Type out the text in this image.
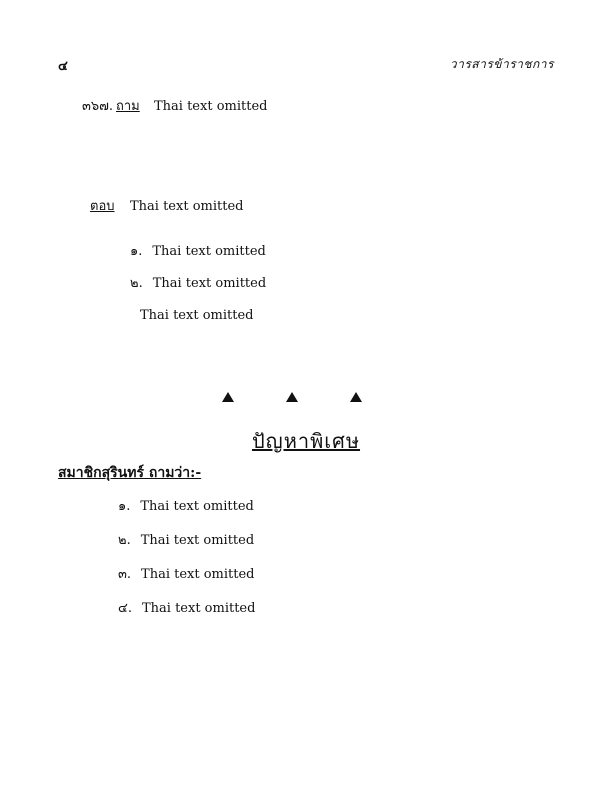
๔	วารสารข้าราชการ
๓๖๗. ถาม	Thai text omitted
ตอบ	Thai text omitted

๑. Thai text omitted

๒. Thai text omitted

Thai text omitted

ปัญหาพิเศษ
สมาชิกสุรินทร์ ถามว่า:-

๑. Thai text omitted

๒. Thai text omitted

๓. Thai text omitted

๔. Thai text omitted
